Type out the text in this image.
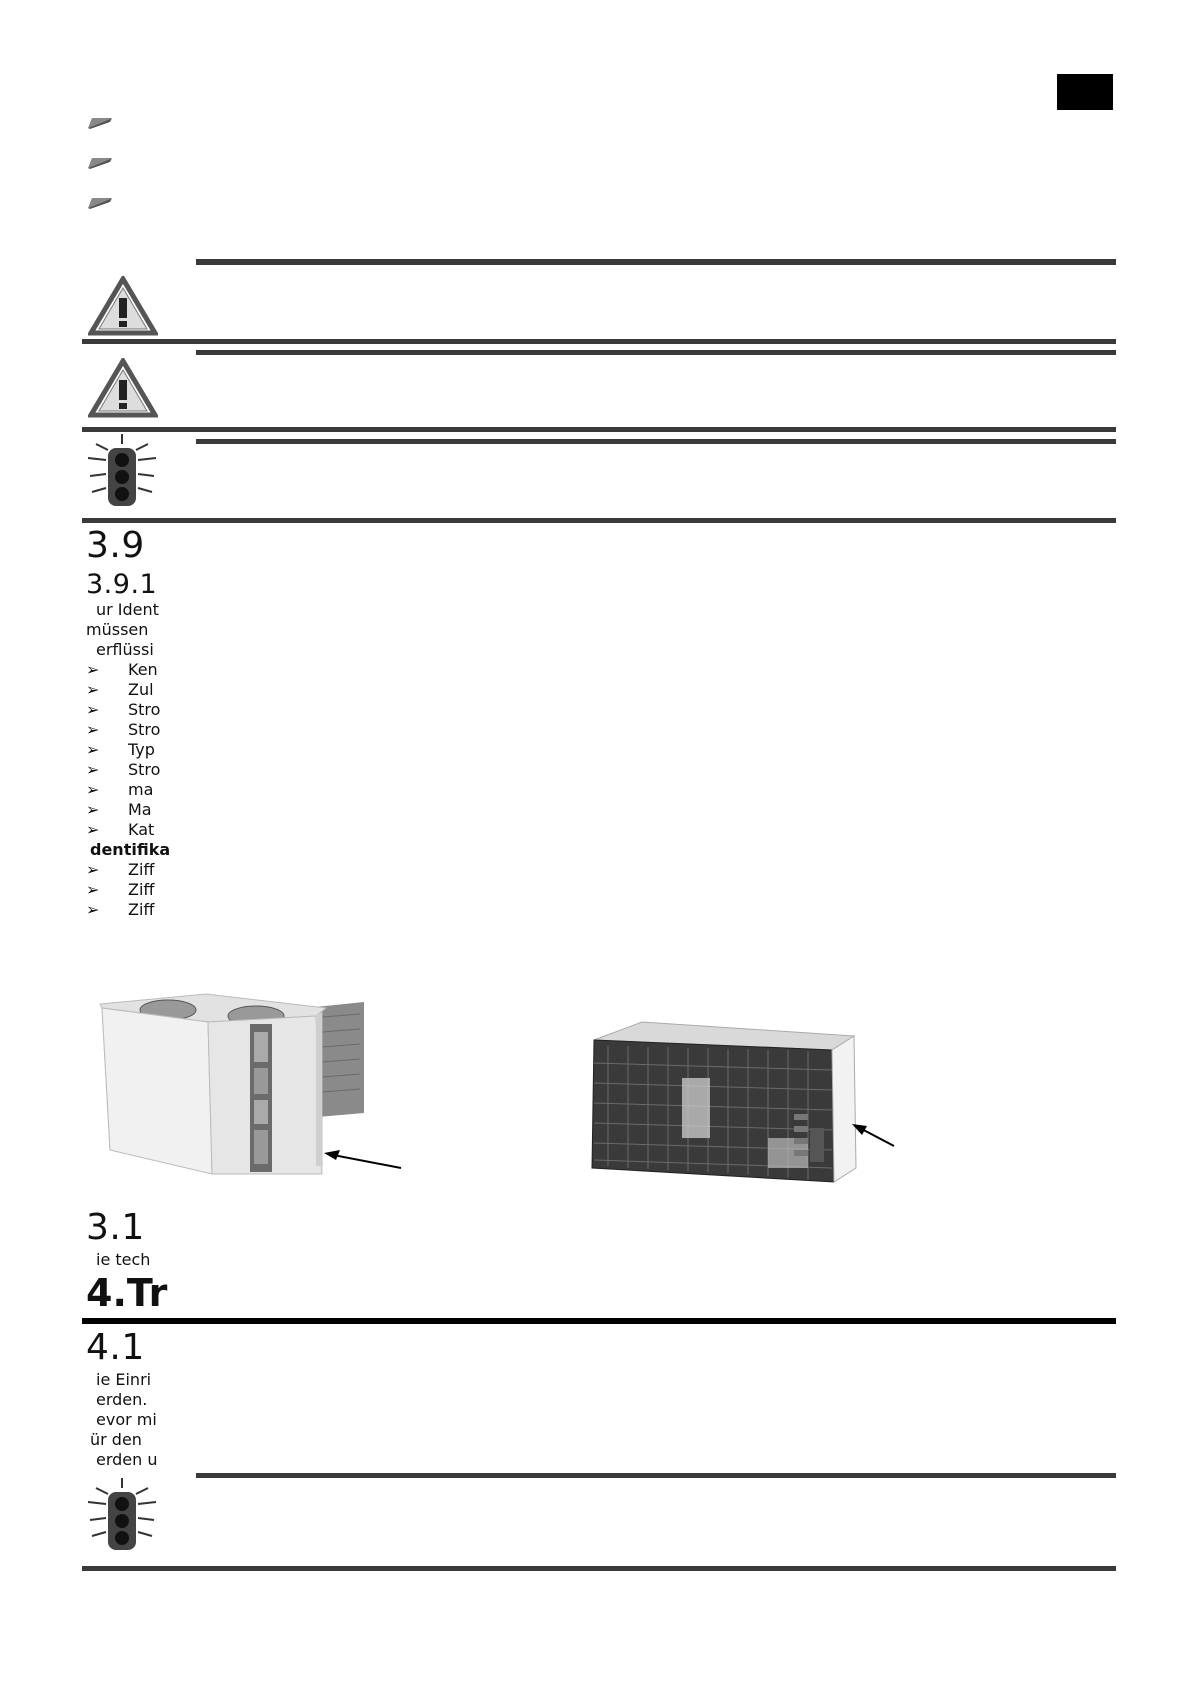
3.9
3.9.1
ur Ident
müssen
erflüssi
➢ Ken
➢ Zul
➢ Stro
➢ Stro
➢ Typ
➢ Stro
➢ ma
➢ Ma
➢ Kat
dentifika
➢ Ziff
➢ Ziff
➢ Ziff
3.1
ie tech
4.Tr
4.1
ie Einri
erden.
evor mi
ür den
erden u
